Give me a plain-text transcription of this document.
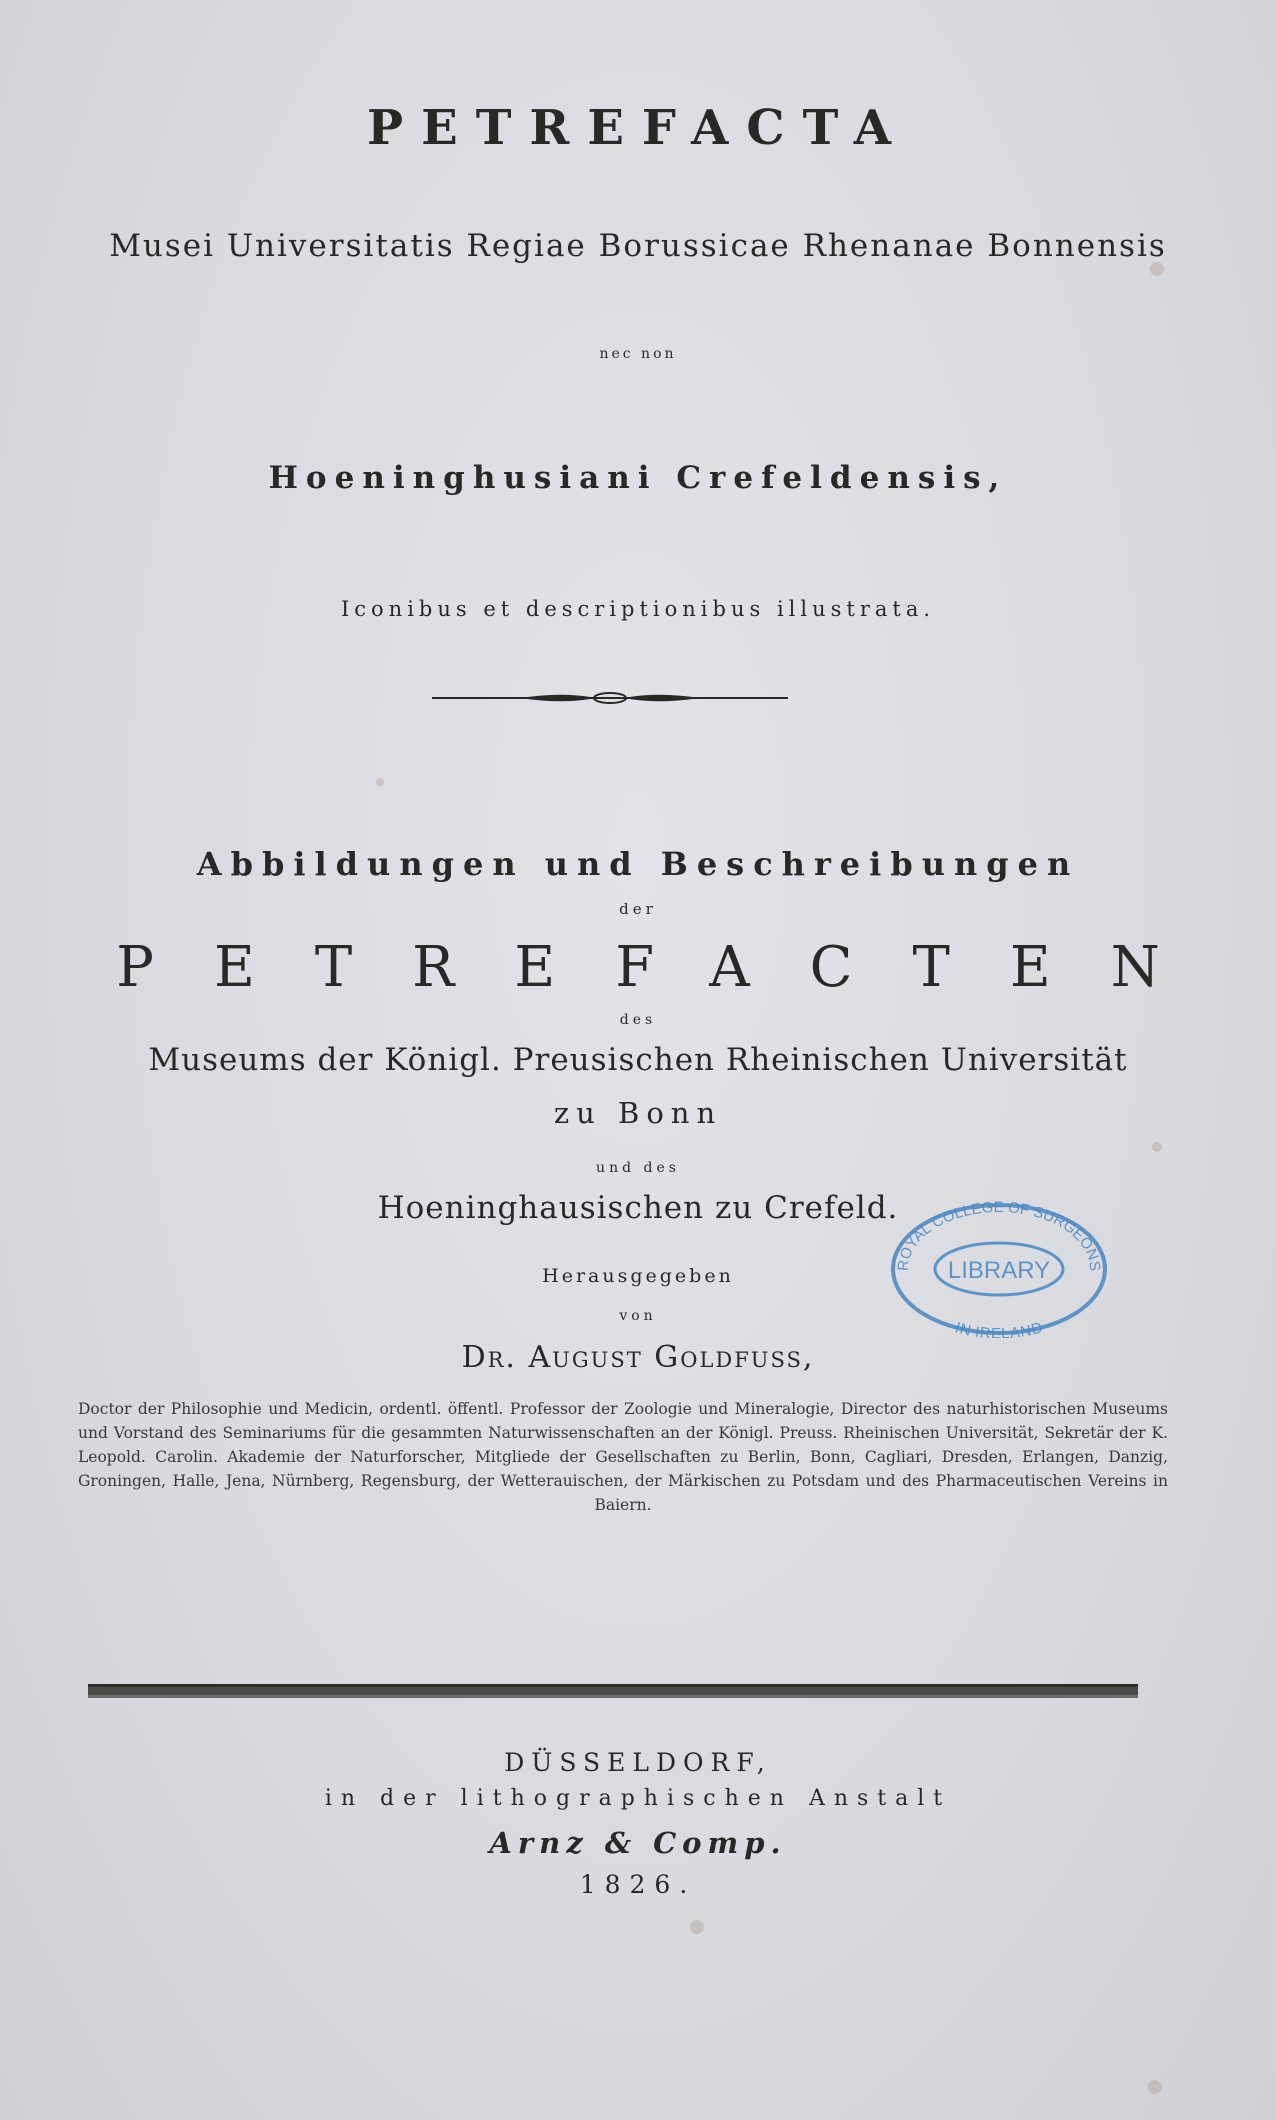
PETREFACTA
Musei Universitatis Regiae Borussicae Rhenanae Bonnensis
nec non
Hoeninghusiani Crefeldensis,
Iconibus et descriptionibus illustrata.
Abbildungen und Beschreibungen
der
PETREFACTEN
des
Museums der Königl. Preusischen Rheinischen Universität
zu Bonn
und des
Hoeninghausischen zu Crefeld.
Herausgegeben
von
Dr. August Goldfuss,
Doctor der Philosophie und Medicin, ordentl. öffentl. Professor der Zoologie und Mineralogie, Director des naturhistorischen Museums und Vorstand des Seminariums für die gesammten Naturwissenschaften an der Königl. Preuss. Rheinischen Universität, Sekretär der K. Leopold. Carolin. Akademie der Naturforscher, Mitgliede der Gesellschaften zu Berlin, Bonn, Cagliari, Dresden, Erlangen, Danzig, Groningen, Halle, Jena, Nürnberg, Regensburg, der Wetterauischen, der Märkischen zu Potsdam und des Pharmaceutischen Vereins in Baiern.
ROYAL COLLEGE OF SURGEONS
LIBRARY
IN IRELAND
DÜSSELDORF,
in der lithographischen Anstalt
Arnz & Comp.
1826.
